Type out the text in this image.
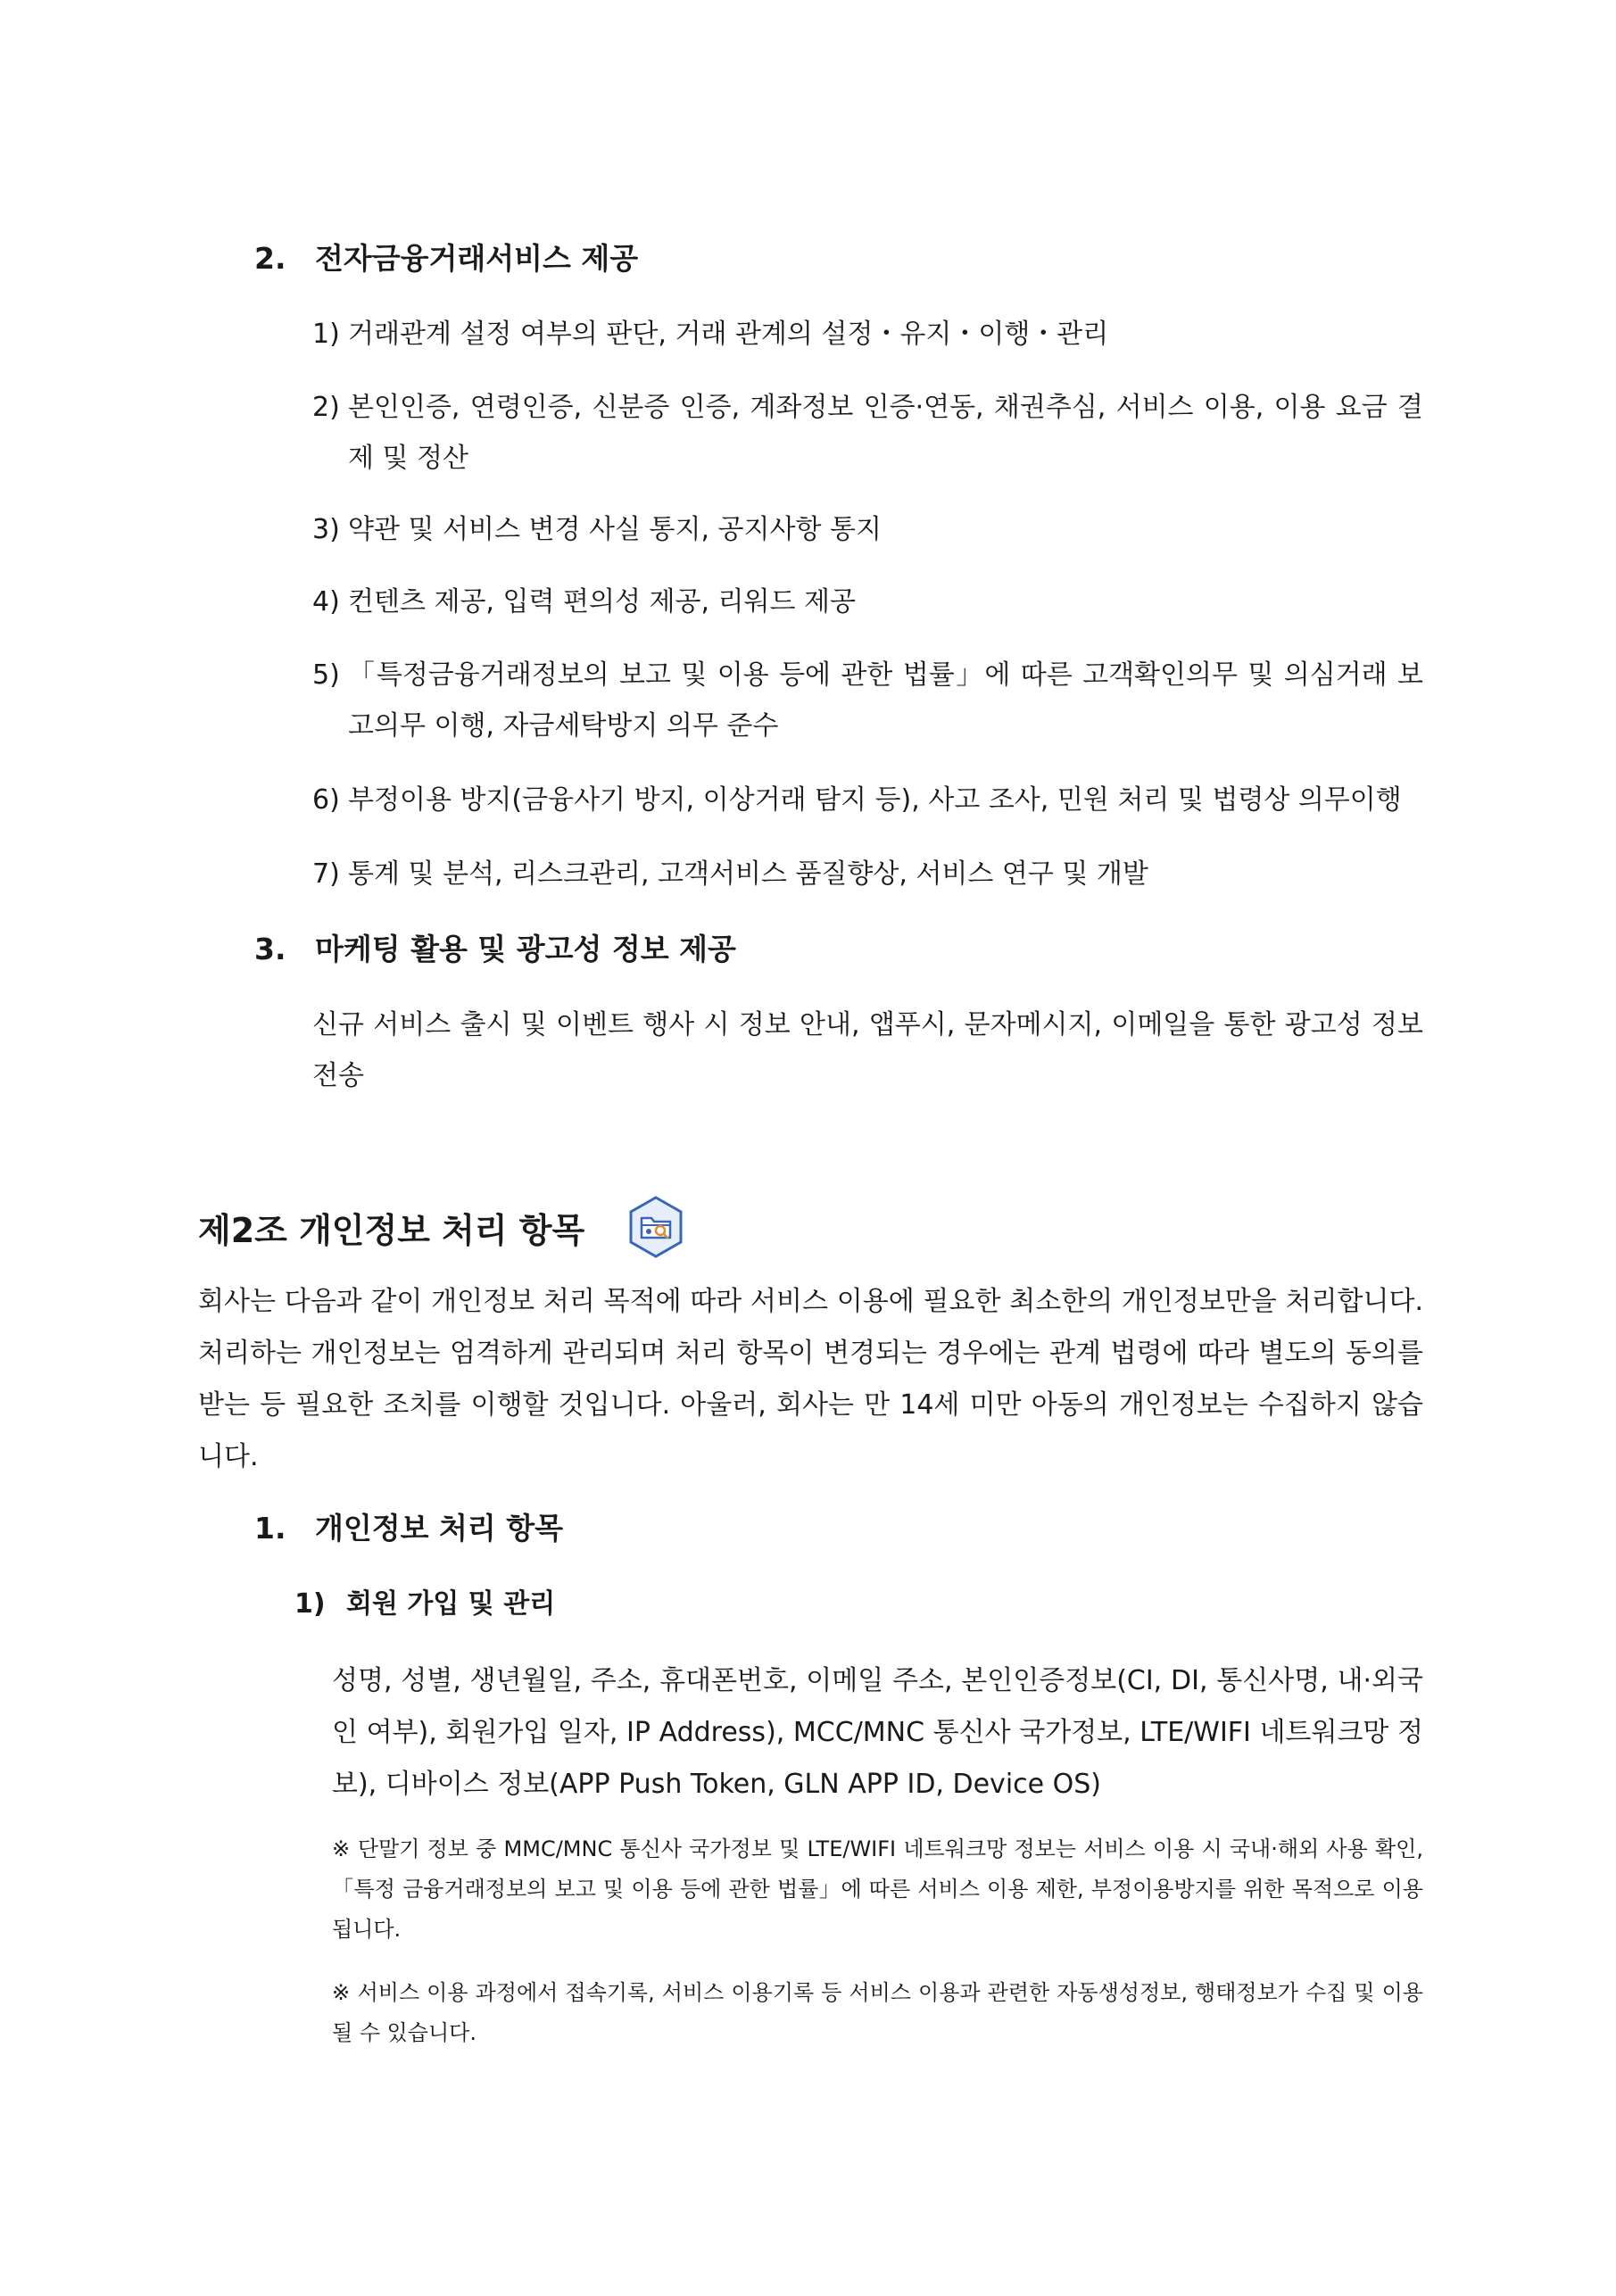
2. 전자금융거래서비스 제공
1) 거래관계 설정 여부의 판단, 거래 관계의 설정・유지・이행・관리
2) 본인인증, 연령인증, 신분증 인증, 계좌정보 인증·연동, 채권추심, 서비스 이용, 이용 요금 결제 및 정산
3) 약관 및 서비스 변경 사실 통지, 공지사항 통지
4) 컨텐츠 제공, 입력 편의성 제공, 리워드 제공
5) 「특정금융거래정보의 보고 및 이용 등에 관한 법률」에 따른 고객확인의무 및 의심거래 보고의무 이행, 자금세탁방지 의무 준수
6) 부정이용 방지(금융사기 방지, 이상거래 탐지 등), 사고 조사, 민원 처리 및 법령상 의무이행
7) 통계 및 분석, 리스크관리, 고객서비스 품질향상, 서비스 연구 및 개발
3. 마케팅 활용 및 광고성 정보 제공
신규 서비스 출시 및 이벤트 행사 시 정보 안내, 앱푸시, 문자메시지, 이메일을 통한 광고성 정보 전송
제2조 개인정보 처리 항목
회사는 다음과 같이 개인정보 처리 목적에 따라 서비스 이용에 필요한 최소한의 개인정보만을 처리합니다. 처리하는 개인정보는 엄격하게 관리되며 처리 항목이 변경되는 경우에는 관계 법령에 따라 별도의 동의를 받는 등 필요한 조치를 이행할 것입니다. 아울러, 회사는 만 14세 미만 아동의 개인정보는 수집하지 않습니다.
1. 개인정보 처리 항목
1) 회원 가입 및 관리
성명, 성별, 생년월일, 주소, 휴대폰번호, 이메일 주소, 본인인증정보(CI, DI, 통신사명, 내·외국인 여부), 회원가입 일자, IP Address), MCC/MNC 통신사 국가정보, LTE/WIFI 네트워크망 정보), 디바이스 정보(APP Push Token, GLN APP ID, Device OS)
※ 단말기 정보 중 MMC/MNC 통신사 국가정보 및 LTE/WIFI 네트워크망 정보는 서비스 이용 시 국내·해외 사용 확인, 「특정 금융거래정보의 보고 및 이용 등에 관한 법률」에 따른 서비스 이용 제한, 부정이용방지를 위한 목적으로 이용됩니다.
※ 서비스 이용 과정에서 접속기록, 서비스 이용기록 등 서비스 이용과 관련한 자동생성정보, 행태정보가 수집 및 이용될 수 있습니다.
